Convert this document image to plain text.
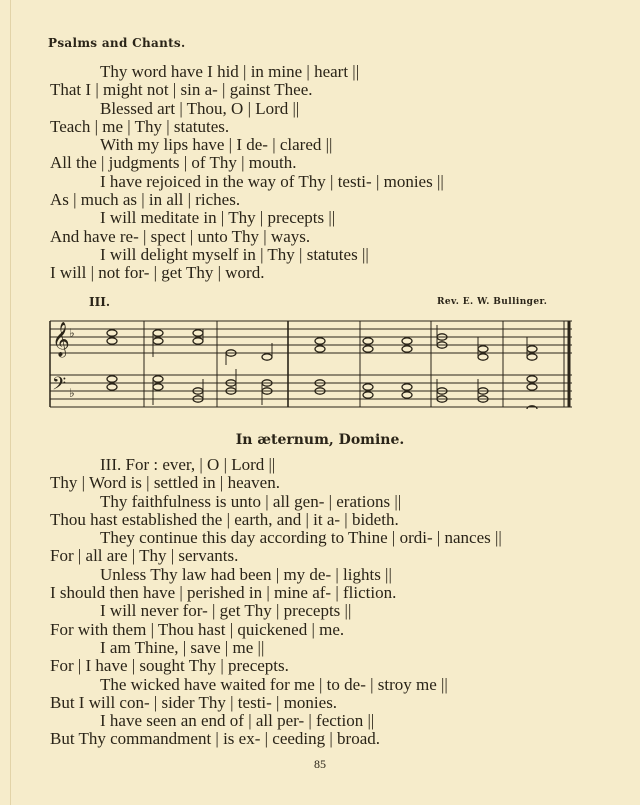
Psalms and Chants.
Thy word have I hid | in mine | heart ||
That I | might not | sin a- | gainst Thee.
Blessed art | Thou, O | Lord ||
Teach | me | Thy | statutes.
With my lips have | I de- | clared ||
All the | judgments | of Thy | mouth.
I have rejoiced in the way of Thy | testi- | monies ||
As | much as | in all | riches.
I will meditate in | Thy | precepts ||
And have re- | spect | unto Thy | ways.
I will delight myself in | Thy | statutes ||
I will | not for- | get Thy | word.
III.	Rev. E. W. Bullinger.
𝄞
𝄢
♭
♭
In æternum, Domine.
III. For : ever, | O | Lord ||
Thy | Word is | settled in | heaven.
Thy faithfulness is unto | all gen- | erations ||
Thou hast established the | earth, and | it a- | bideth.
They continue this day according to Thine | ordi- | nances ||
For | all are | Thy | servants.
Unless Thy law had been | my de- | lights ||
I should then have | perished in | mine af- | fliction.
I will never for- | get Thy | precepts ||
For with them | Thou hast | quickened | me.
I am Thine, | save | me ||
For | I have | sought Thy | precepts.
The wicked have waited for me | to de- | stroy me ||
But I will con- | sider Thy | testi- | monies.
I have seen an end of | all per- | fection ||
But Thy commandment | is ex- | ceeding | broad.
85
